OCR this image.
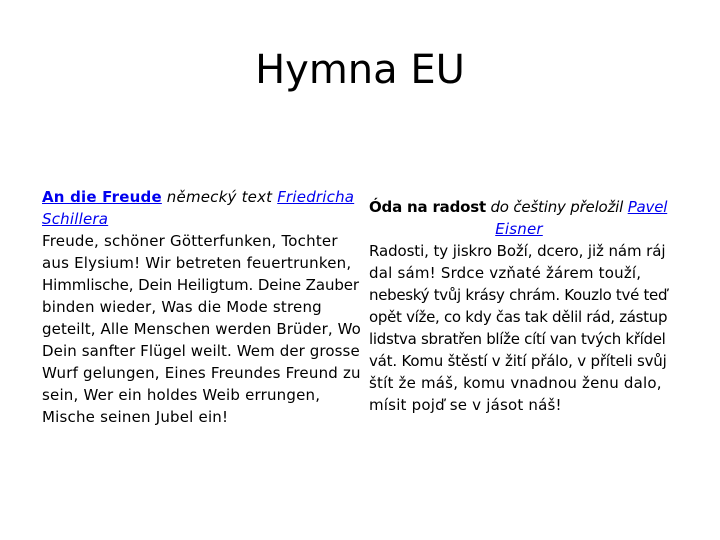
Hymna EU
An die Freude německý text Friedricha
Schillera
Freude, schöner Götterfunken, Tochter
aus Elysium! Wir betreten feuertrunken,
Himmlische, Dein Heiligtum. Deine Zauber
binden wieder, Was die Mode streng
geteilt, Alle Menschen werden Brüder, Wo
Dein sanfter Flügel weilt. Wem der grosse
Wurf gelungen, Eines Freundes Freund zu
sein, Wer ein holdes Weib errungen,
Mische seinen Jubel ein!
Óda na radost do češtiny přeložil Pavel
Eisner
Radosti, ty jiskro Boží, dcero, již nám ráj
dal sám! Srdce vzňaté žárem touží,
nebeský tvůj krásy chrám. Kouzlo tvé teď
opět víže, co kdy čas tak dělil rád, zástup
lidstva sbratřen blíže cítí van tvých křídel
vát. Komu štěstí v žití přálo, v příteli svůj
štít že máš, komu vnadnou ženu dalo,
mísit pojď se v jásot náš!
